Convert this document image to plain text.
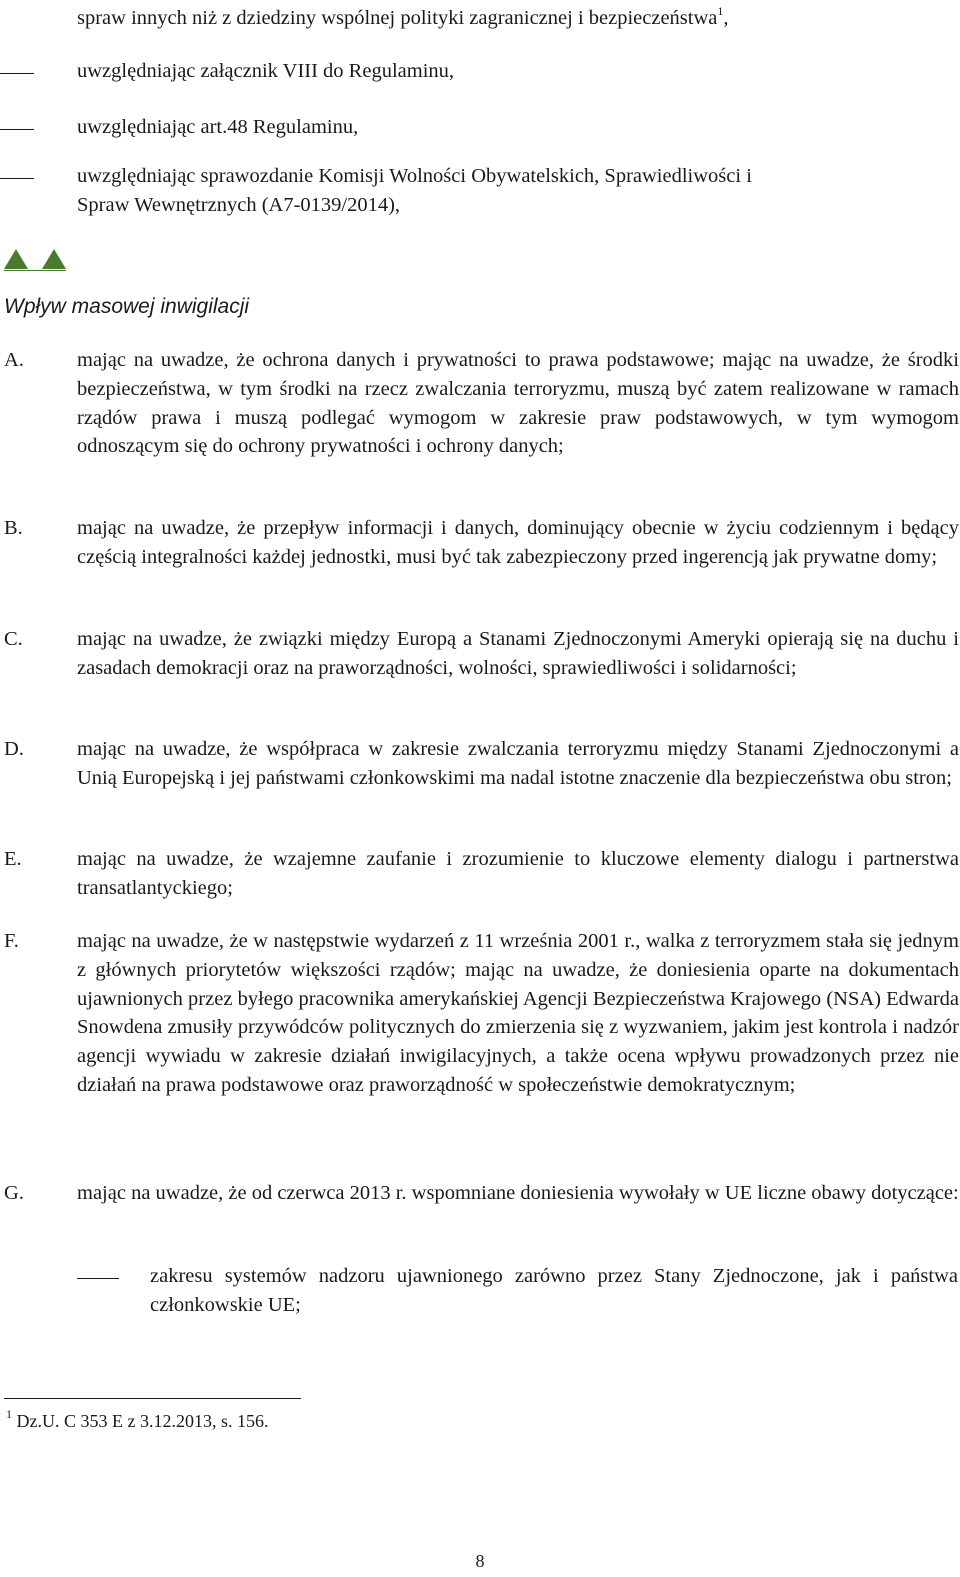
spraw innych niż z dziedziny wspólnej polityki zagranicznej i bezpieczeństwa$^1$,
uwzględniając załącznik VIII do Regulaminu,
uwzględniając art.48 Regulaminu,
uwzględniając sprawozdanie Komisji Wolności Obywatelskich, Sprawiedliwości i
Spraw Wewnętrznych (A7-0139/2014),
Wpływ masowej inwigilacji
A.	mając na uwadze, że ochrona danych i prywatności to prawa podstawowe; mając na uwadze, że środki bezpieczeństwa, w tym środki na rzecz zwalczania terroryzmu, muszą być zatem realizowane w ramach rządów prawa i muszą podlegać wymogom w zakresie praw podstawowych, w tym wymogom odnoszącym się do ochrony prywatności i ochrony danych;
B.	mając na uwadze, że przepływ informacji i danych, dominujący obecnie w życiu codziennym i będący częścią integralności każdej jednostki, musi być tak zabezpieczony przed ingerencją jak prywatne domy;
C.	mając na uwadze, że związki między Europą a Stanami Zjednoczonymi Ameryki opierają się na duchu i zasadach demokracji oraz na praworządności, wolności, sprawiedliwości i solidarności;
D.	mając na uwadze, że współpraca w zakresie zwalczania terroryzmu między Stanami Zjednoczonymi a Unią Europejską i jej państwami członkowskimi ma nadal istotne znaczenie dla bezpieczeństwa obu stron;
E.	mając na uwadze, że wzajemne zaufanie i zrozumienie to kluczowe elementy dialogu i partnerstwa transatlantyckiego;
F.	mając na uwadze, że w następstwie wydarzeń z 11 września 2001 r., walka z terroryzmem stała się jednym z głównych priorytetów większości rządów; mając na uwadze, że doniesienia oparte na dokumentach ujawnionych przez byłego pracownika amerykańskiej Agencji Bezpieczeństwa Krajowego (NSA) Edwarda Snowdena zmusiły przywódców politycznych do zmierzenia się z wyzwaniem, jakim jest kontrola i nadzór agencji wywiadu w zakresie działań inwigilacyjnych, a także ocena wpływu prowadzonych przez nie działań na prawa podstawowe oraz praworządność w społeczeństwie demokratycznym;
G.	mając na uwadze, że od czerwca 2013 r. wspomniane doniesienia wywołały w UE liczne obawy dotyczące:
zakresu systemów nadzoru ujawnionego zarówno przez Stany Zjednoczone, jak i państwa członkowskie UE;
$^1$ Dz.U. C 353 E z 3.12.2013, s. 156.
8
